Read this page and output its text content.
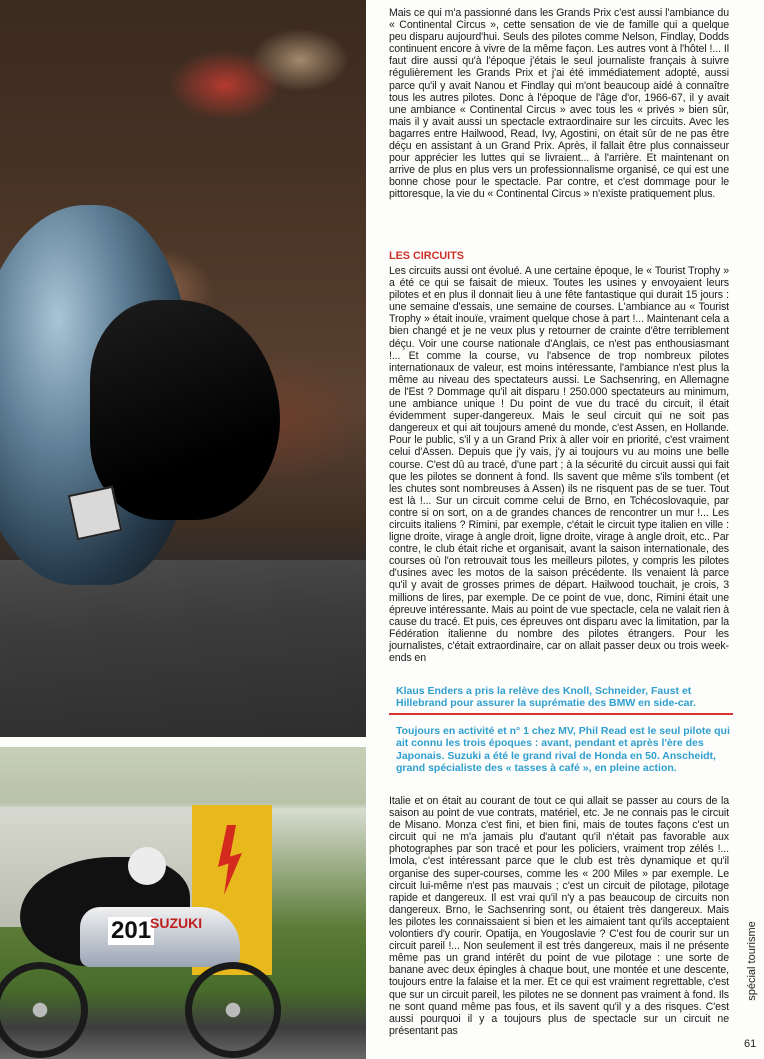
201
SUZUKI

Mais ce qui m'a passionné dans les Grands Prix c'est aussi l'ambiance du « Continental Circus », cette sensation de vie de famille qui a quelque peu disparu aujourd'hui. Seuls des pilotes comme Nelson, Findlay, Dodds continuent encore à vivre de la même façon. Les autres vont à l'hôtel !... Il faut dire aussi qu'à l'époque j'étais le seul journaliste français à suivre régulièrement les Grands Prix et j'ai été immédiatement adopté, aussi parce qu'il y avait Nanou et Findlay qui m'ont beaucoup aidé à connaître tous les autres pilotes. Donc à l'époque de l'âge d'or, 1966-67, il y avait une ambiance « Continental Circus » avec tous les « privés » bien sûr, mais il y avait aussi un spectacle extraordinaire sur les circuits. Avec les bagarres entre Hailwood, Read, Ivy, Agostini, on était sûr de ne pas être déçu en assistant à un Grand Prix. Après, il fallait être plus connaisseur pour apprécier les luttes qui se livraient... à l'arrière. Et maintenant on arrive de plus en plus vers un professionnalisme organisé, ce qui est une bonne chose pour le spectacle. Par contre, et c'est dommage pour le pittoresque, la vie du « Continental Circus » n'existe pratiquement plus.

LES CIRCUITS

Les circuits aussi ont évolué. A une certaine époque, le « Tourist Trophy » a été ce qui se faisait de mieux. Toutes les usines y envoyaient leurs pilotes et en plus il donnait lieu à une fête fantastique qui durait 15 jours : une semaine d'essais, une semaine de courses. L'ambiance au « Tourist Trophy » était inouïe, vraiment quelque chose à part !... Maintenant cela a bien changé et je ne veux plus y retourner de crainte d'être terriblement déçu. Voir une course nationale d'Anglais, ce n'est pas enthousiasmant !... Et comme la course, vu l'absence de trop nombreux pilotes internationaux de valeur, est moins intéressante, l'ambiance n'est plus la même au niveau des spectateurs aussi. Le Sachsenring, en Allemagne de l'Est ? Dommage qu'il ait disparu ! 250.000 spectateurs au minimum, une ambiance unique ! Du point de vue du tracé du circuit, il était évidemment super-dangereux. Mais le seul circuit qui ne soit pas dangereux et qui ait toujours amené du monde, c'est Assen, en Hollande. Pour le public, s'il y a un Grand Prix à aller voir en priorité, c'est vraiment celui d'Assen. Depuis que j'y vais, j'y ai toujours vu au moins une belle course. C'est dû au tracé, d'une part ; à la sécurité du circuit aussi qui fait que les pilotes se donnent à fond. Ils savent que même s'ils tombent (et les chutes sont nombreuses à Assen) ils ne risquent pas de se tuer. Tout est là !... Sur un circuit comme celui de Brno, en Tchécoslovaquie, par contre si on sort, on a de grandes chances de rencontrer un mur !... Les circuits italiens ? Rimini, par exemple, c'était le circuit type italien en ville : ligne droite, virage à angle droit, ligne droite, virage à angle droit, etc.. Par contre, le club était riche et organisait, avant la saison internationale, des courses où l'on retrouvait tous les meilleurs pilotes, y compris les pilotes d'usines avec les motos de la saison précédente. Ils venaient là parce qu'il y avait de grosses primes de départ. Hailwood touchait, je crois, 3 millions de lires, par exemple. De ce point de vue, donc, Rimini était une épreuve intéressante. Mais au point de vue spectacle, cela ne valait rien à cause du tracé. Et puis, ces épreuves ont disparu avec la limitation, par la Fédération italienne du nombre des pilotes étrangers. Pour les journalistes, c'était extraordinaire, car on allait passer deux ou trois week-ends en

Klaus Enders a pris la relève des Knoll, Schneider, Faust et Hillebrand pour assurer la suprématie des BMW en side-car.
Toujours en activité et n° 1 chez MV, Phil Read est le seul pilote qui ait connu les trois époques : avant, pendant et après l'ère des Japonais. Suzuki a été le grand rival de Honda en 50. Anscheidt, grand spécialiste des « tasses à café », en pleine action.

Italie et on était au courant de tout ce qui allait se passer au cours de la saison au point de vue contrats, matériel, etc. Je ne connais pas le circuit de Misano. Monza c'est fini, et bien fini, mais de toutes façons c'est un circuit qui ne m'a jamais plu d'autant qu'il n'était pas favorable aux photographes par son tracé et pour les policiers, vraiment trop zélés !... Imola, c'est intéressant parce que le club est très dynamique et qu'il organise des super-courses, comme les « 200 Miles » par exemple. Le circuit lui-même n'est pas mauvais ; c'est un circuit de pilotage, pilotage rapide et dangereux. Il est vrai qu'il n'y a pas beaucoup de circuits non dangereux. Brno, le Sachsenring sont, ou étaient très dangereux. Mais les pilotes les connaissaient si bien et les aimaient tant qu'ils acceptaient volontiers d'y courir. Opatija, en Yougoslavie ? C'est fou de courir sur un circuit pareil !... Non seulement il est très dangereux, mais il ne présente même pas un grand intérêt du point de vue pilotage : une sorte de banane avec deux épingles à chaque bout, une montée et une descente, toujours entre la falaise et la mer. Et ce qui est vraiment regrettable, c'est que sur un circuit pareil, les pilotes ne se donnent pas vraiment à fond. Ils ne sont quand même pas fous, et ils savent qu'il y a des risques. C'est aussi pourquoi il y a toujours plus de spectacle sur un circuit ne présentant pas

spécial tourisme
61
